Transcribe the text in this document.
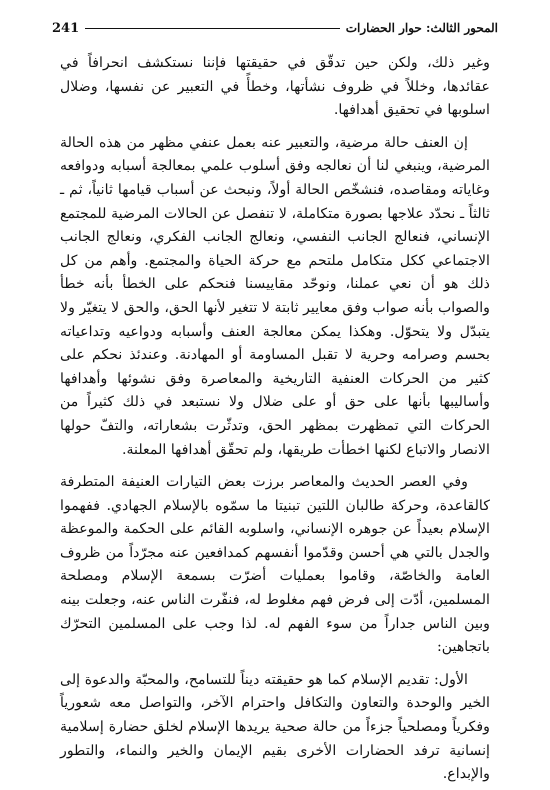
المحور الثالث: حوار الحضارات
241

وغير ذلك، ولكن حين تدقّق في حقيقتها فإننا نستكشف انحرافاً في عقائدها، وخللاً في ظروف نشأتها، وخطأً في التعبير عن نفسها، وضلال اسلوبها في تحقيق أهدافها.

إن العنف حالة مرضية، والتعبير عنه بعمل عنفي مظهر من هذه الحالة المرضية، وينبغي لنا أن نعالجه وفق أسلوب علمي بمعالجة أسبابه ودوافعه وغاياته ومقاصده، فنشخّص الحالة أولاً، ونبحث عن أسباب قيامها ثانياً، ثم ـ ثالثاً ـ نحدّد علاجها بصورة متكاملة، لا تنفصل عن الحالات المرضية للمجتمع الإنساني، فنعالج الجانب النفسي، ونعالج الجانب الفكري، ونعالج الجانب الاجتماعي ككل متكامل ملتحم مع حركة الحياة والمجتمع. وأهم من كل ذلك هو أن نعي عملنا، ونوحّد مقاييسنا فنحكم على الخطأ بأنه خطأ والصواب بأنه صواب وفق معايير ثابتة لا تتغير لأنها الحق، والحق لا يتغيّر ولا يتبدّل ولا يتحوّل. وهكذا يمكن معالجة العنف وأسبابه ودواعيه وتداعياته بحسم وصرامه وحرية لا تقبل المساومة أو المهادنة. وعندئذ نحكم على كثير من الحركات العنفية التاريخية والمعاصرة وفق نشوئها وأهدافها وأساليبها بأنها على حق أو على ضلال ولا نستبعد في ذلك كثيراً من الحركات التي تمظهرت بمظهر الحق، وتدثّرت بشعاراته، والتفّ حولها الانصار والاتباع لكنها اخطأت طريقها، ولم تحقّق أهدافها المعلنة.

وفي العصر الحديث والمعاصر برزت بعض التيارات العنيفة المتطرفة كالقاعدة، وحركة طالبان اللتين تبنيتا ما سمّوه بالإسلام الجهادي. ففهموا الإسلام بعيداً عن جوهره الإنساني، واسلوبه القائم على الحكمة والموعظة والجدل بالتي هي أحسن وقدّموا أنفسهم كمدافعين عنه مجرّداً من ظروف العامة والخاصّة، وقاموا بعمليات أضرّت بسمعة الإسلام ومصلحة المسلمين، أدّت إلى فرض فهم مغلوط له، فنفّرت الناس عنه، وجعلت بينه وبين الناس جداراً من سوء الفهم له. لذا وجب على المسلمين التحرّك باتجاهين:

الأول: تقديم الإسلام كما هو حقيقته ديناً للتسامح، والمحبّة والدعوة إلى الخير والوحدة والتعاون والتكافل واحترام الآخر، والتواصل معه شعورياً وفكرياً ومصلحياً جزءاً من حالة صحية يريدها الإسلام لخلق حضارة إسلامية إنسانية ترفد الحضارات الأخرى بقيم الإيمان والخير والنماء، والتطور والإبداع.
